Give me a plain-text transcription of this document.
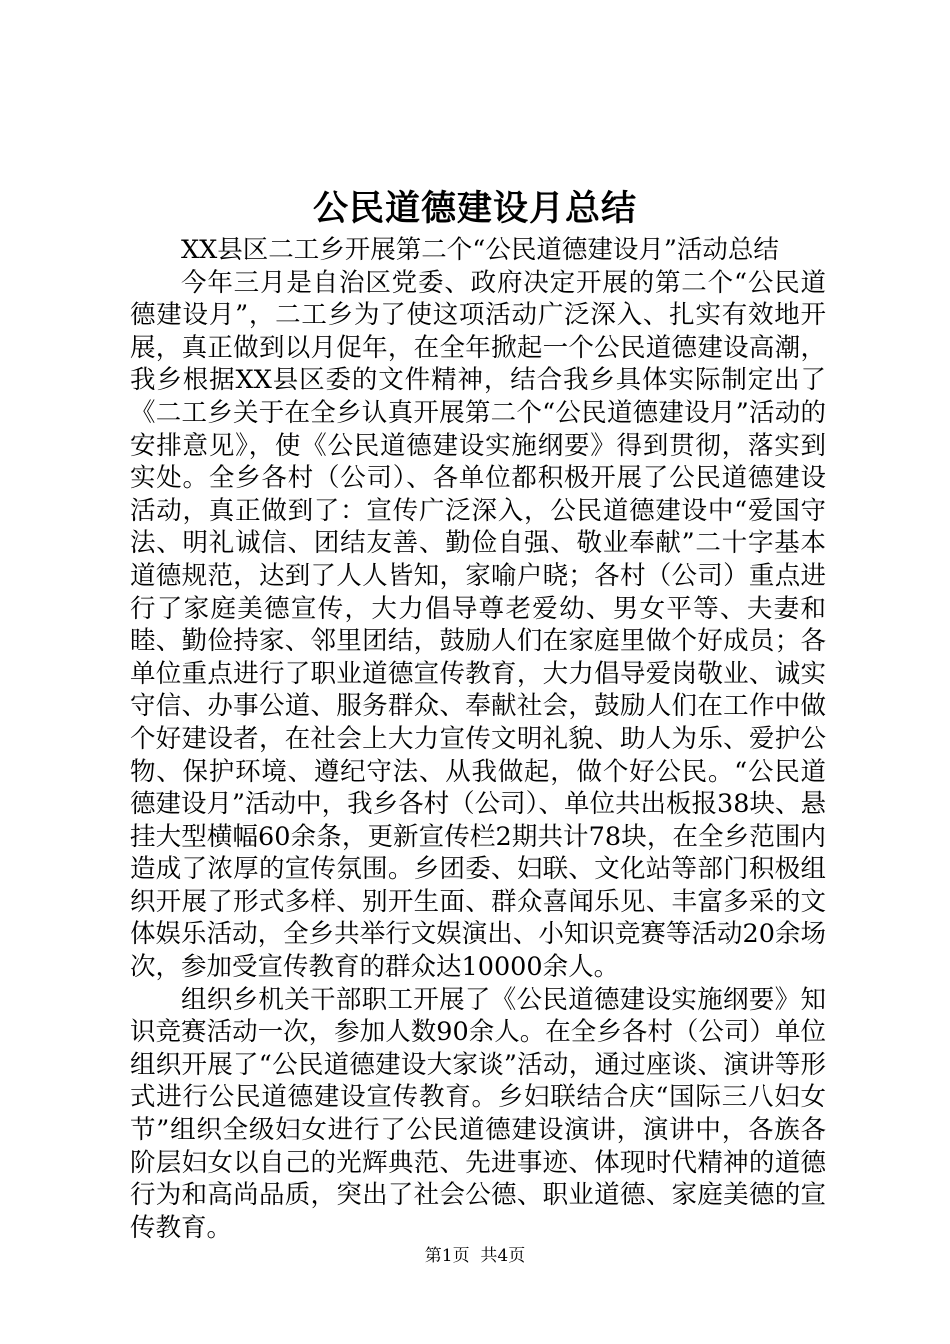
公民道德建设月总结

XX县区二工乡开展第二个“公民道德建设月”活动总结

今年三月是自治区党委、政府决定开展的第二个“公民道德建设月”，二工乡为了使这项活动广泛深入、扎实有效地开展，真正做到以月促年，在全年掀起一个公民道德建设高潮，我乡根据XX县区委的文件精神，结合我乡具体实际制定出了《二工乡关于在全乡认真开展第二个“公民道德建设月”活动的安排意见》，使《公民道德建设实施纲要》得到贯彻，落实到实处。全乡各村（公司）、各单位都积极开展了公民道德建设活动，真正做到了：宣传广泛深入，公民道德建设中“爱国守法、明礼诚信、团结友善、勤俭自强、敬业奉献”二十字基本道德规范，达到了人人皆知，家喻户晓；各村（公司）重点进行了家庭美德宣传，大力倡导尊老爱幼、男女平等、夫妻和睦、勤俭持家、邻里团结，鼓励人们在家庭里做个好成员；各单位重点进行了职业道德宣传教育，大力倡导爱岗敬业、诚实守信、办事公道、服务群众、奉献社会，鼓励人们在工作中做个好建设者，在社会上大力宣传文明礼貌、助人为乐、爱护公物、保护环境、遵纪守法、从我做起，做个好公民。“公民道德建设月”活动中，我乡各村（公司）、单位共出板报38块、悬挂大型横幅60余条，更新宣传栏2期共计78块，在全乡范围内造成了浓厚的宣传氛围。乡团委、妇联、文化站等部门积极组织开展了形式多样、别开生面、群众喜闻乐见、丰富多采的文体娱乐活动，全乡共举行文娱演出、小知识竞赛等活动20余场次，参加受宣传教育的群众达10000余人。

组织乡机关干部职工开展了《公民道德建设实施纲要》知识竞赛活动一次，参加人数90余人。在全乡各村（公司）单位组织开展了“公民道德建设大家谈”活动，通过座谈、演讲等形式进行公民道德建设宣传教育。乡妇联结合庆“国际三八妇女节”组织全级妇女进行了公民道德建设演讲，演讲中，各族各阶层妇女以自己的光辉典范、先进事迹、体现时代精神的道德行为和高尚品质，突出了社会公德、职业道德、家庭美德的宣传教育。

第1页 共4页
